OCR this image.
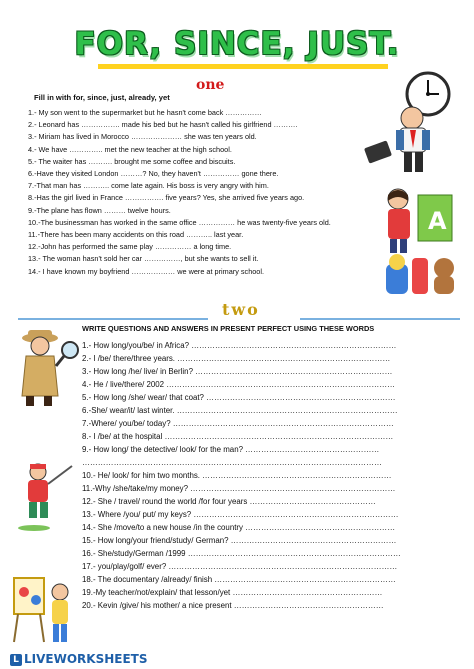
FOR, SINCE, JUST.
one
Fill in with for, since, just, already, yet
1.- My son went to the supermarket but he hasn't come back ……………
2.- Leonard has ……………. made his bed but he hasn't called his girlfriend ……….
3.- Miriam has lived in Morocco ………………… she was ten years old.
4.- We have ………….. met the new teacher at the high school.
5.- The waiter has ………. brought me some coffee and biscuits.
6.-Have they visited London ………? No, they haven't …………… gone there.
7.-That man has ……….. come late again. His boss is very angry with him.
8.-Has the girl lived in France ……………. five years? Yes, she arrived five years ago.
9.-The plane has flown ……… twelve hours.
10.-The businessman has worked in the same office …………… he was twenty-five years old.
11.-There has been many accidents on this road ……….. last year.
12.-John has performed the same play …………… a long time.
13.- The woman hasn't sold her car ……………, but she wants to sell it.
14.- I have known my boyfriend ……………… we were at primary school.
two
WRITE QUESTIONS AND ANSWERS IN PRESENT PERFECT USING THESE WORDS
1.- How long/you/be/ in Africa? ……………………………………………………………………
2.- I /be/ there/three years. ………………………………………………………………………
3.- How long /he/ live/ in Berlin? …………………………………………………………………
4.- He / live/there/ 2002 ……………………………………………………………………………
5.- How long /she/ wear/ that coat? ………………………………………………………………
6.-She/ wear/it/ last winter. …………………………………………………………………………
7.-Where/ you/be/ today? …………………………………………………………………………
8.- I /be/ at the hospital ……………………………………………………………………………
9.- How long/ the detective/ look/ for the man? ……………………………………………
……………………………………………………………………………………………………
10.- He/ look/ for him two months. ………………………………………………………………
11.-Why /she/take/my money? ……………………………………………………………………
12.- She / travel/ round the world /for four years …………………………………………
13.- Where /you/ put/ my keys? ……………………………………………………………………
14.- She /move/to a new house /in the country …………………………………………………
15.- How long/your friend/study/ German? ………………………………………………………
16.- She/study/German /1999 ………………………………………………………………………
17.- you/play/golf/ ever? ……………………………………………………………………………
18.- The documentary /already/ finish ……………………………………………………………
19.-My teacher/not/explain/ that lesson/yet …………………………………………………
20.- Kevin /give/ his mother/ a nice present …………………………………………………
A
L LIVEWORKSHEETS
